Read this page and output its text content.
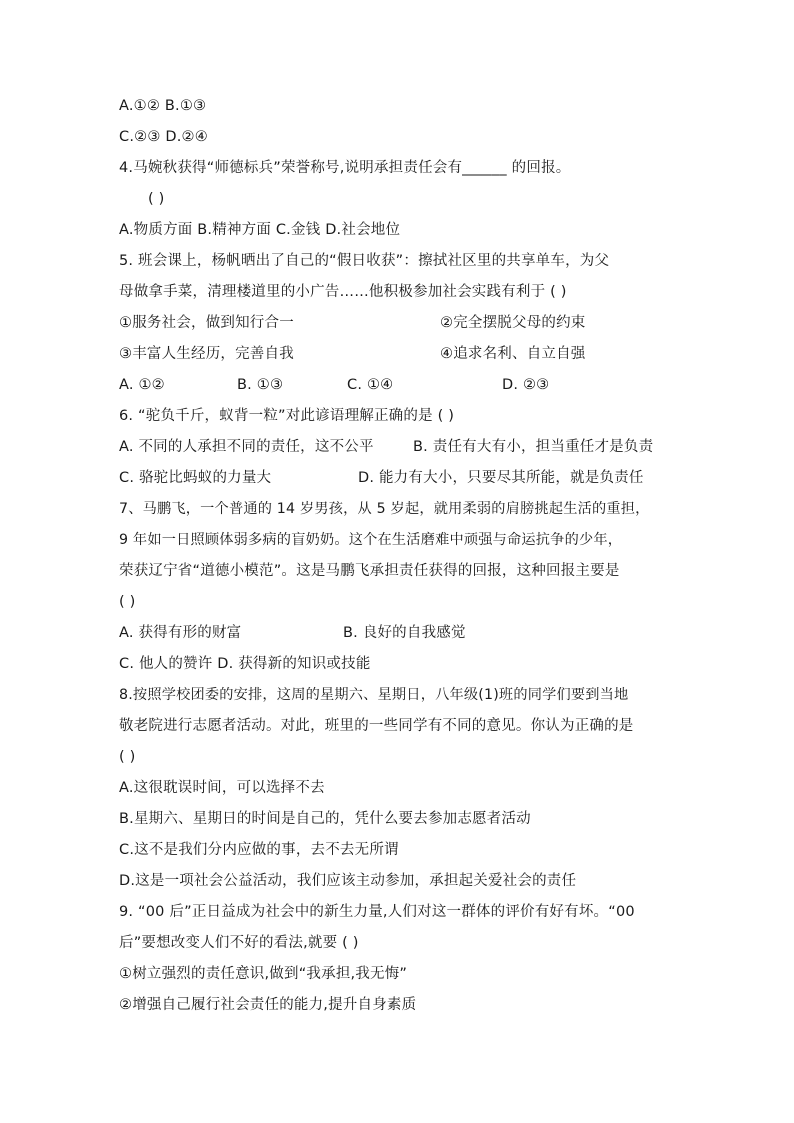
A.①② B.①③
C.②③ D.②④
4.马婉秋获得“师德标兵”荣誉称号,说明承担责任会有______ 的回报。
( )
A.物质方面 B.精神方面 C.金钱 D.社会地位
5. 班会课上，杨帆晒出了自己的“假日收获”：擦拭社区里的共享单车，为父
母做拿手菜，清理楼道里的小广告……他积极参加社会实践有利于 ( )
①服务社会，做到知行合一	②完全摆脱父母的约束
③丰富人生经历，完善自我	④追求名利、自立自强
A. ①②	B. ①③	C. ①④	D. ②③
6. “驼负千斤，蚁背一粒”对此谚语理解正确的是 ( )
A. 不同的人承担不同的责任，这不公平	B. 责任有大有小，担当重任才是负责
C. 骆驼比蚂蚁的力量大	D. 能力有大小，只要尽其所能，就是负责任
7、马鹏飞，一个普通的 14 岁男孩，从 5 岁起，就用柔弱的肩膀挑起生活的重担，
9 年如一日照顾体弱多病的盲奶奶。这个在生活磨难中顽强与命运抗争的少年，
荣获辽宁省“道德小模范”。这是马鹏飞承担责任获得的回报，这种回报主要是
( )
A. 获得有形的财富	B. 良好的自我感觉
C. 他人的赞许 D. 获得新的知识或技能
8.按照学校团委的安排，这周的星期六、星期日，八年级(1)班的同学们要到当地
敬老院进行志愿者活动。对此，班里的一些同学有不同的意见。你认为正确的是
( )
A.这很耽误时间，可以选择不去
B.星期六、星期日的时间是自己的，凭什么要去参加志愿者活动
C.这不是我们分内应做的事，去不去无所谓
D.这是一项社会公益活动，我们应该主动参加，承担起关爱社会的责任
9. “00 后”正日益成为社会中的新生力量,人们对这一群体的评价有好有坏。“00
后”要想改变人们不好的看法,就要 ( )
①树立强烈的责任意识,做到“我承担,我无悔”
②增强自己履行社会责任的能力,提升自身素质
